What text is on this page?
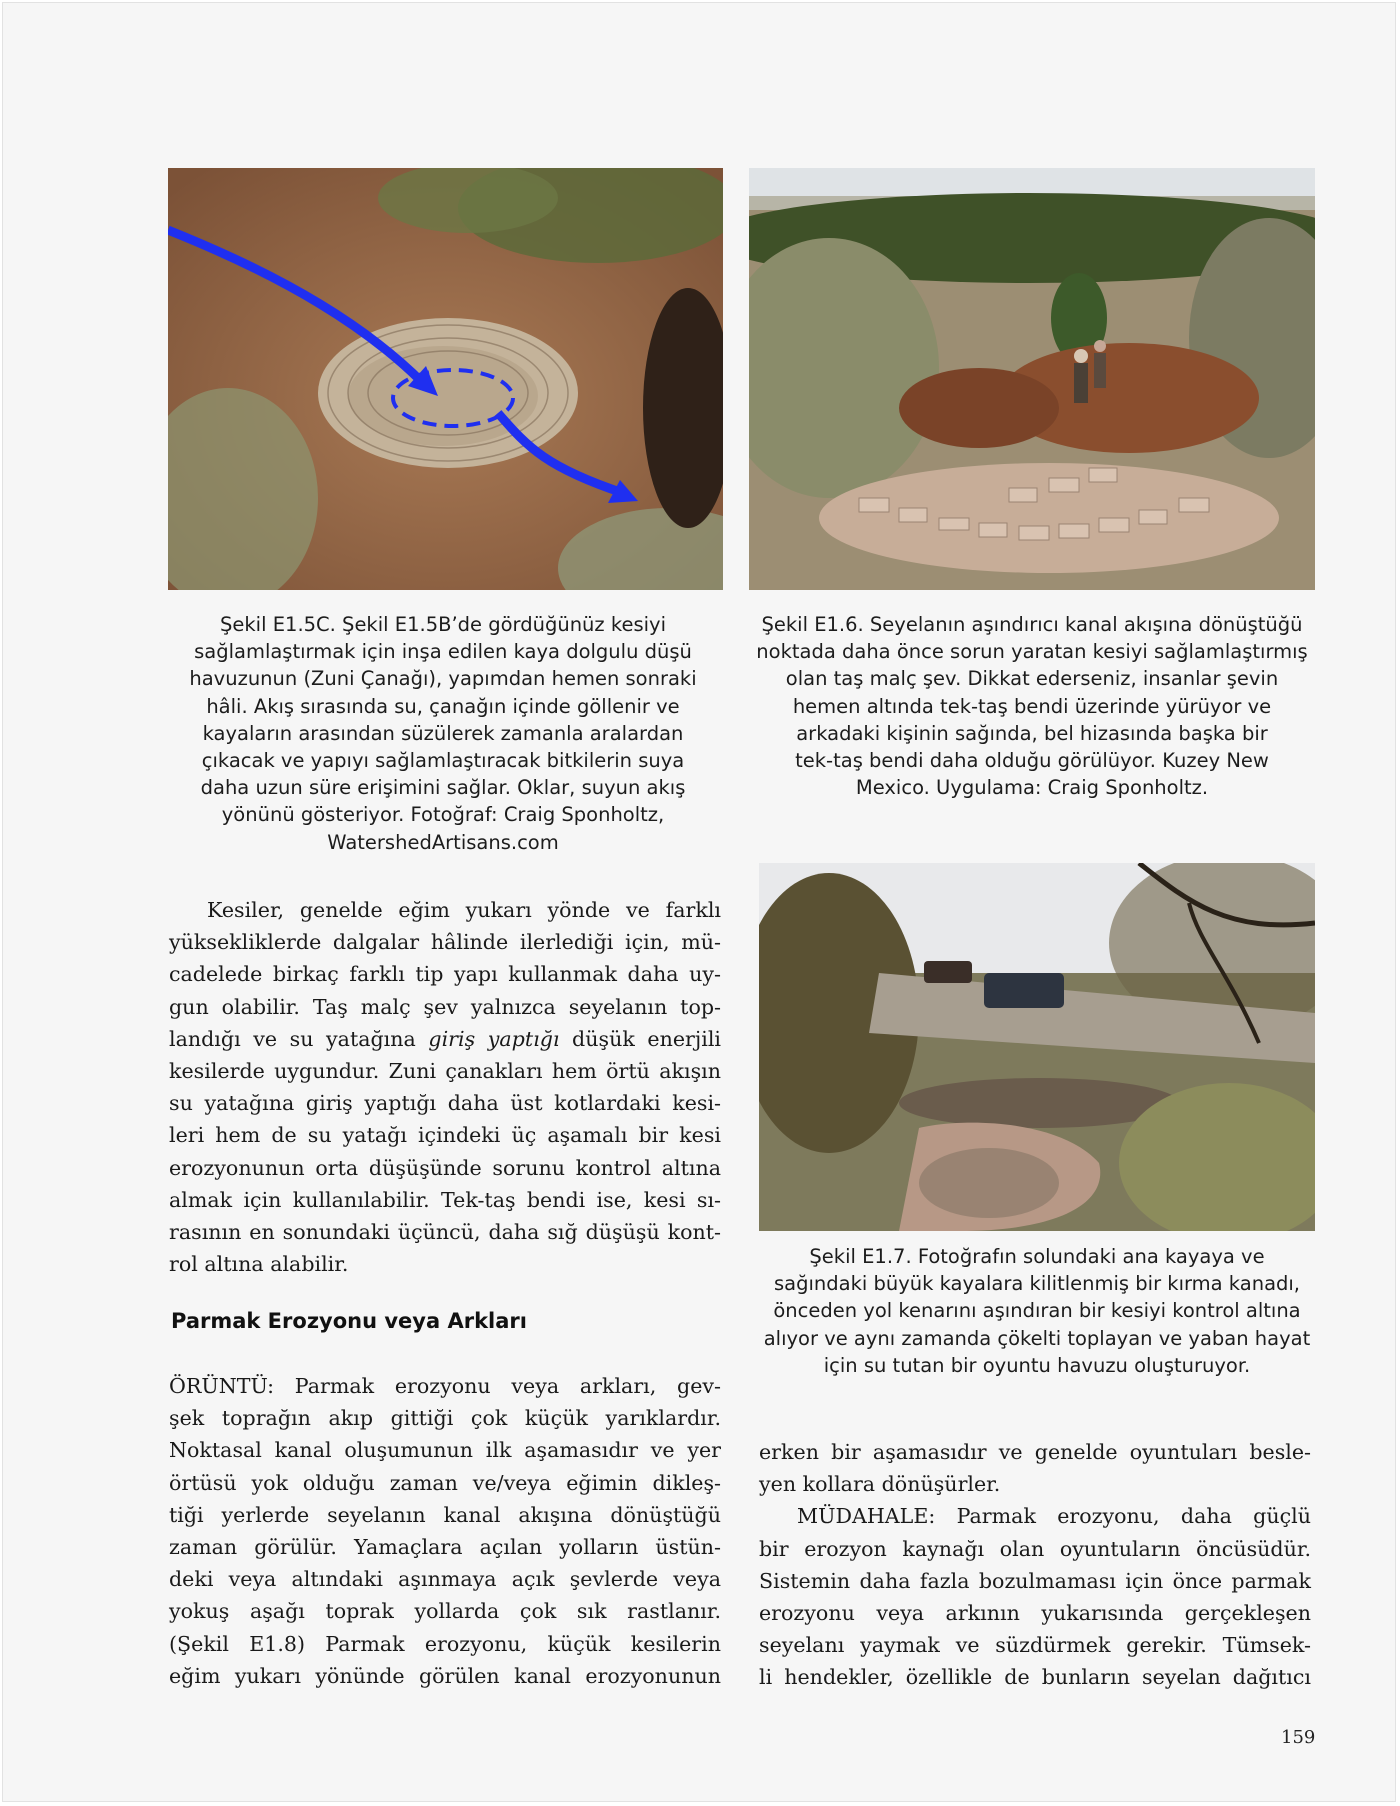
Şekil E1.5C. Şekil E1.5B’de gördüğünüz kesiyi
sağlamlaştırmak için inşa edilen kaya dolgulu düşü
havuzunun (Zuni Çanağı), yapımdan hemen sonraki
hâli. Akış sırasında su, çanağın içinde göllenir ve
kayaların arasından süzülerek zamanla aralardan
çıkacak ve yapıyı sağlamlaştıracak bitkilerin suya
daha uzun süre erişimini sağlar. Oklar, suyun akış
yönünü gösteriyor. Fotoğraf: Craig Sponholtz,
WatershedArtisans.com
Şekil E1.6. Seyelanın aşındırıcı kanal akışına dönüştüğü
noktada daha önce sorun yaratan kesiyi sağlamlaştırmış
olan taş malç şev. Dikkat ederseniz, insanlar şevin
hemen altında tek-taş bendi üzerinde yürüyor ve
arkadaki kişinin sağında, bel hizasında başka bir
tek-taş bendi daha olduğu görülüyor. Kuzey New
Mexico. Uygulama: Craig Sponholtz.
Şekil E1.7. Fotoğrafın solundaki ana kayaya ve
sağındaki büyük kayalara kilitlenmiş bir kırma kanadı,
önceden yol kenarını aşındıran bir kesiyi kontrol altına
alıyor ve aynı zamanda çökelti toplayan ve yaban hayat
için su tutan bir oyuntu havuzu oluşturuyor.
Kesiler, genelde eğim yukarı yönde ve farklı
yüksekliklerde dalgalar hâlinde ilerlediği için, mü-
cadelede birkaç farklı tip yapı kullanmak daha uy-
gun olabilir. Taş malç şev yalnızca seyelanın top-
landığı ve su yatağına giriş yaptığı düşük enerjili
kesilerde uygundur. Zuni çanakları hem örtü akışın
su yatağına giriş yaptığı daha üst kotlardaki kesi-
leri hem de su yatağı içindeki üç aşamalı bir kesi
erozyonunun orta düşüşünde sorunu kontrol altına
almak için kullanılabilir. Tek-taş bendi ise, kesi sı-
rasının en sonundaki üçüncü, daha sığ düşüşü kont-
rol altına alabilir.
Parmak Erozyonu veya Arkları
ÖRÜNTÜ: Parmak erozyonu veya arkları, gev-
şek toprağın akıp gittiği çok küçük yarıklardır.
Noktasal kanal oluşumunun ilk aşamasıdır ve yer
örtüsü yok olduğu zaman ve/veya eğimin dikleş-
tiği yerlerde seyelanın kanal akışına dönüştüğü
zaman görülür. Yamaçlara açılan yolların üstün-
deki veya altındaki aşınmaya açık şevlerde veya
yokuş aşağı toprak yollarda çok sık rastlanır.
(Şekil E1.8) Parmak erozyonu, küçük kesilerin
eğim yukarı yönünde görülen kanal erozyonunun
erken bir aşamasıdır ve genelde oyuntuları besle-
yen kollara dönüşürler.
MÜDAHALE: Parmak erozyonu, daha güçlü
bir erozyon kaynağı olan oyuntuların öncüsüdür.
Sistemin daha fazla bozulmaması için önce parmak
erozyonu veya arkının yukarısında gerçekleşen
seyelanı yaymak ve süzdürmek gerekir. Tümsek-
li hendekler, özellikle de bunların seyelan dağıtıcı
159
